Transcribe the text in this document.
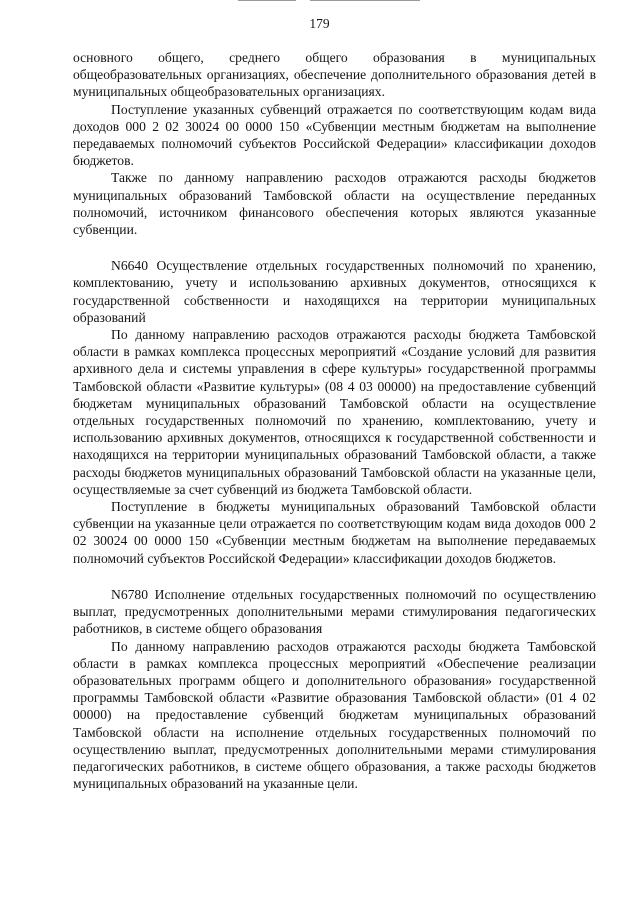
179

основного общего, среднего общего образования в муниципальных общеобразовательных организациях, обеспечение дополнительного образования детей в муниципальных общеобразовательных организациях.

Поступление указанных субвенций отражается по соответствующим кодам вида доходов 000 2 02 30024 00 0000 150 «Субвенции местным бюджетам на выполнение передаваемых полномочий субъектов Российской Федерации» классификации доходов бюджетов.

Также по данному направлению расходов отражаются расходы бюджетов муниципальных образований Тамбовской области на осуществление переданных полномочий, источником финансового обеспечения которых являются указанные субвенции.

N6640 Осуществление отдельных государственных полномочий по хранению, комплектованию, учету и использованию архивных документов, относящихся к государственной собственности и находящихся на территории муниципальных образований

По данному направлению расходов отражаются расходы бюджета Тамбовской области в рамках комплекса процессных мероприятий «Создание условий для развития архивного дела и системы управления в сфере культуры» государственной программы Тамбовской области «Развитие культуры» (08 4 03 00000) на предоставление субвенций бюджетам муниципальных образований Тамбовской области на осуществление отдельных государственных полномочий по хранению, комплектованию, учету и использованию архивных документов, относящихся к государственной собственности и находящихся на территории муниципальных образований Тамбовской области, а также расходы бюджетов муниципальных образований Тамбовской области на указанные цели, осуществляемые за счет субвенций из бюджета Тамбовской области.

Поступление в бюджеты муниципальных образований Тамбовской области субвенции на указанные цели отражается по соответствующим кодам вида доходов 000 2 02 30024 00 0000 150 «Субвенции местным бюджетам на выполнение передаваемых полномочий субъектов Российской Федерации» классификации доходов бюджетов.

N6780 Исполнение отдельных государственных полномочий по осуществлению выплат, предусмотренных дополнительными мерами стимулирования педагогических работников, в системе общего образования

По данному направлению расходов отражаются расходы бюджета Тамбовской области в рамках комплекса процессных мероприятий «Обеспечение реализации образовательных программ общего и дополнительного образования» государственной программы Тамбовской области «Развитие образования Тамбовской области» (01 4 02 00000) на предоставление субвенций бюджетам муниципальных образований Тамбовской области на исполнение отдельных государственных полномочий по осуществлению выплат, предусмотренных дополнительными мерами стимулирования педагогических работников, в системе общего образования, а также расходы бюджетов муниципальных образований на указанные цели.
